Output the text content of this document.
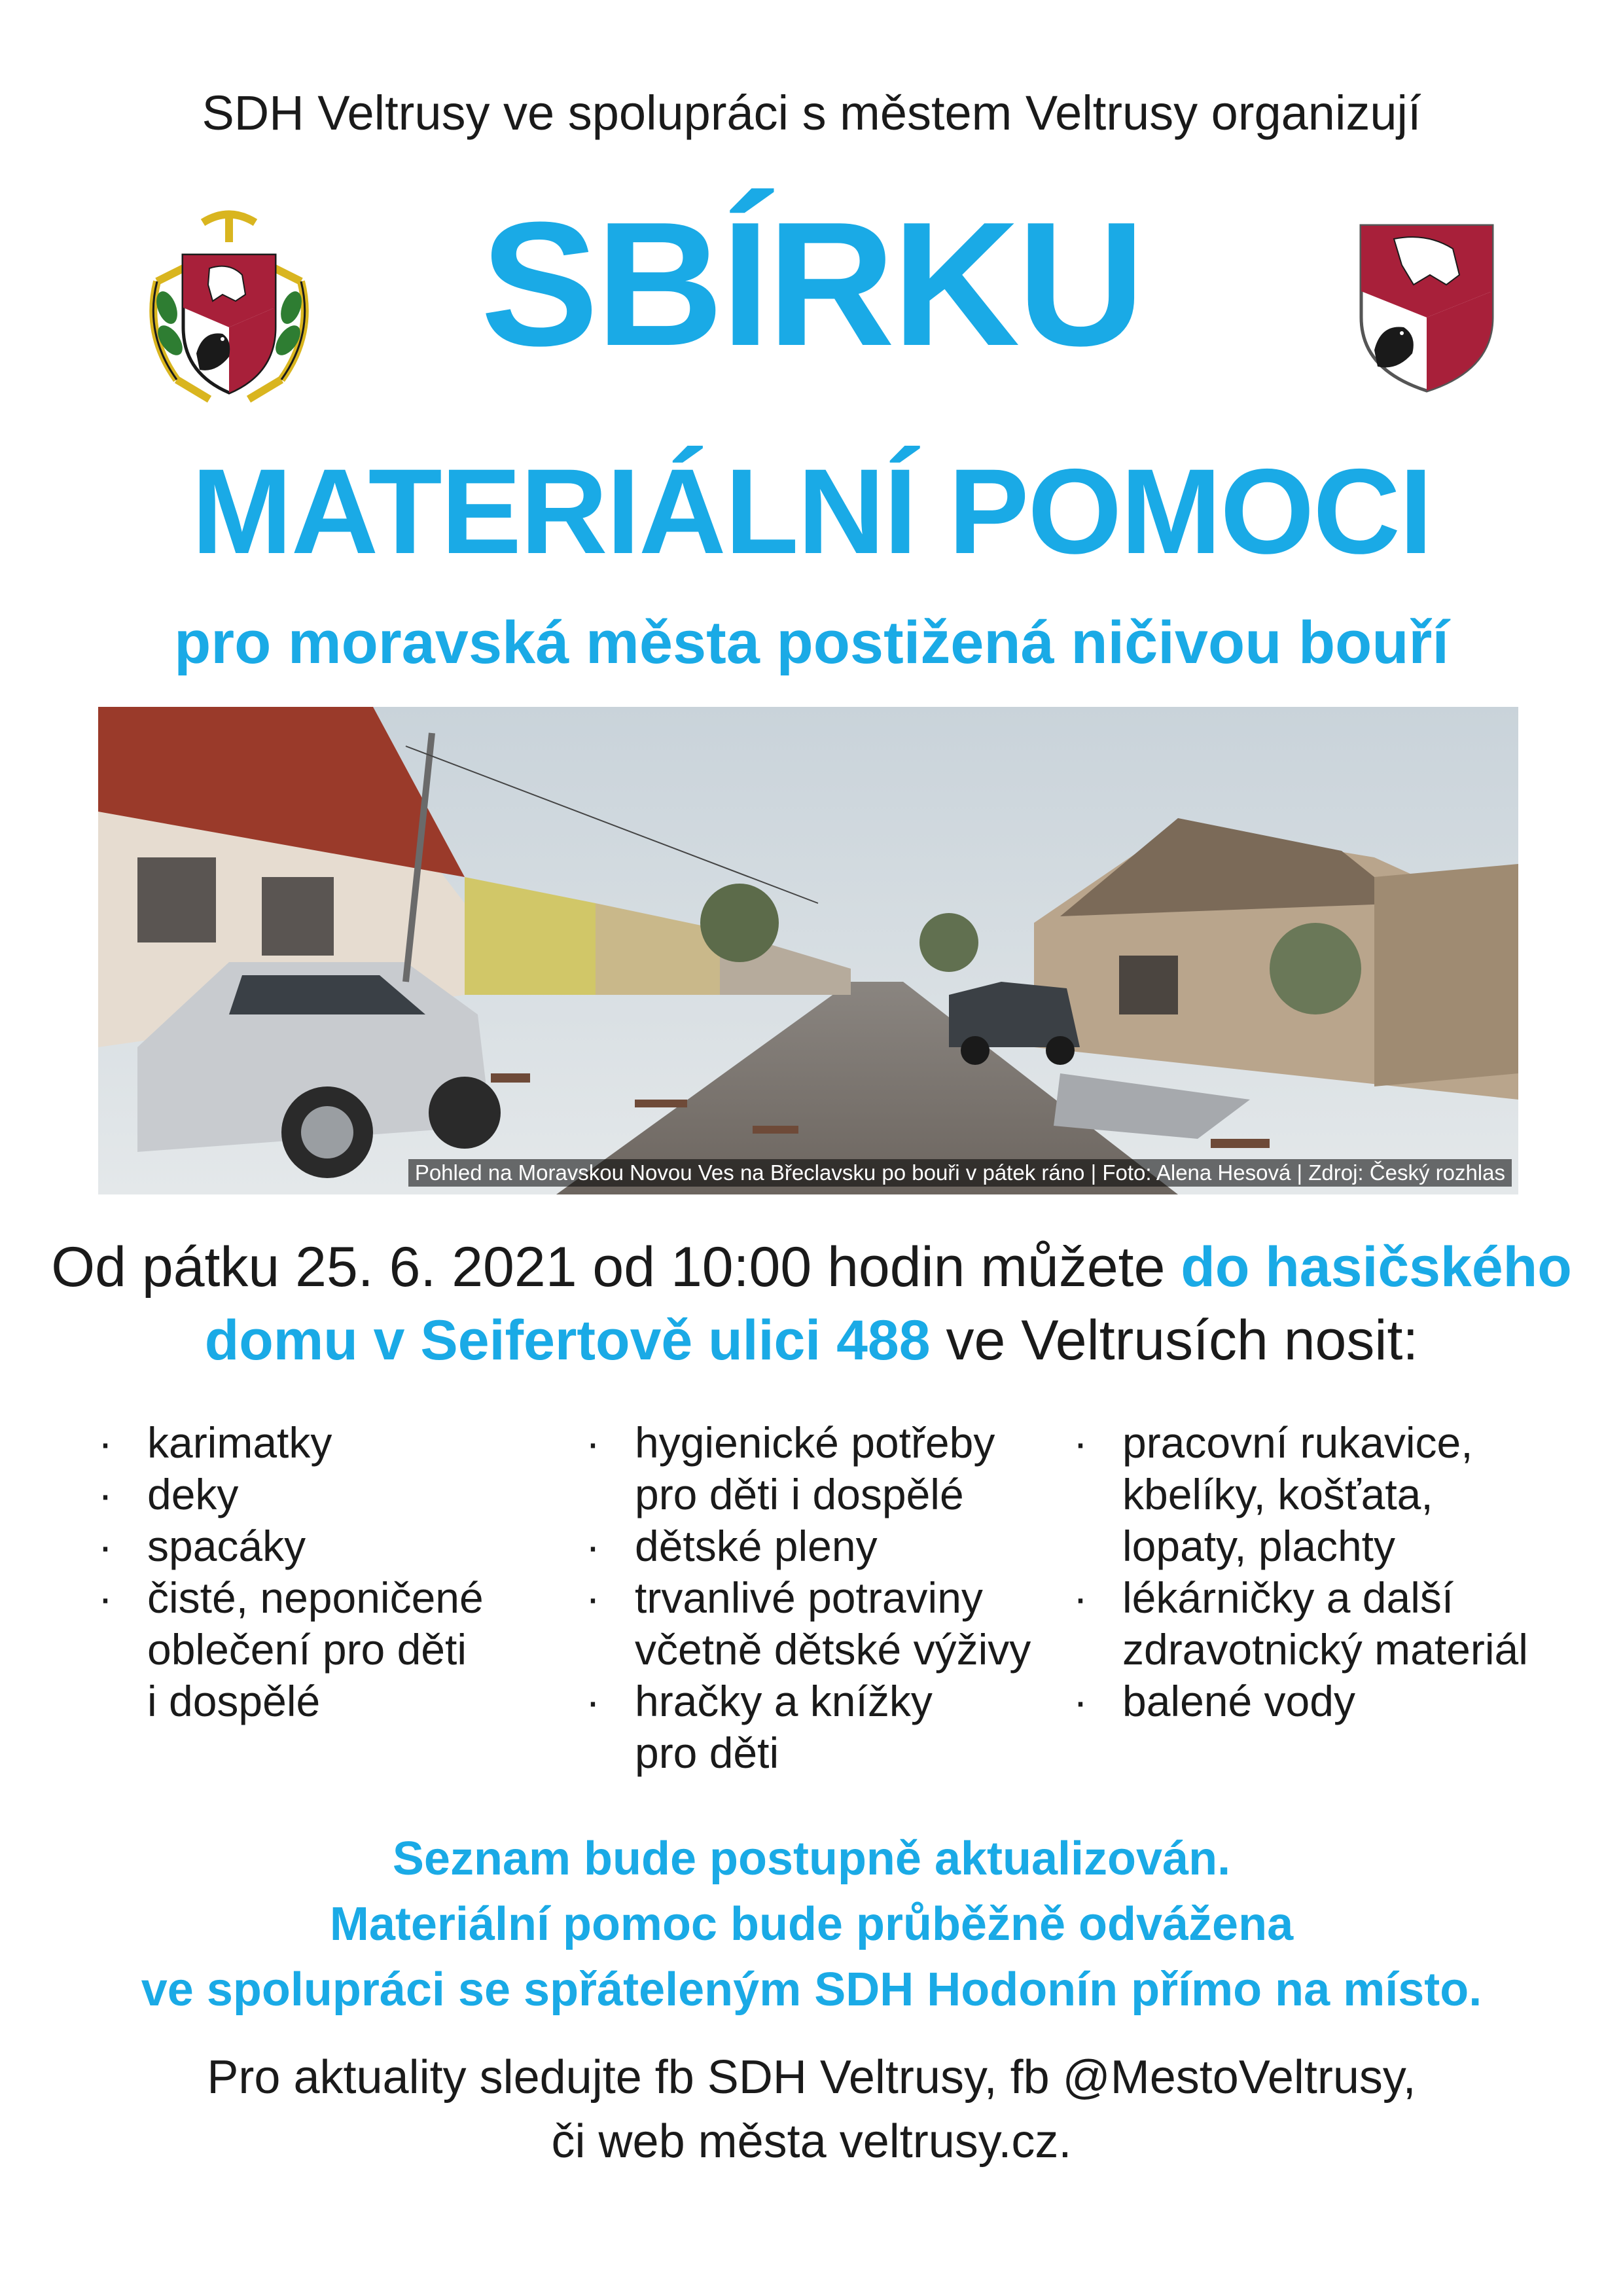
SDH Veltrusy ve spolupráci s městem Veltrusy organizují
SBÍRKU
MATERIÁLNÍ POMOCI
pro moravská města postižená ničivou bouří
Pohled na Moravskou Novou Ves na Břeclavsku po bouři v pátek ráno | Foto: Alena Hesová | Zdroj: Český rozhlas
Od pátku 25. 6. 2021 od 10:00 hodin můžete do hasičského
domu v Seifertově ulici 488 ve Veltrusích nosit:
· karimatky
· deky
· spacáky
· čisté, neponičené
oblečení pro děti
i dospělé
· hygienické potřeby
pro děti i dospělé
· dětské pleny
· trvanlivé potraviny
včetně dětské výživy
· hračky a knížky
pro děti
· pracovní rukavice,
kbelíky, košťata,
lopaty, plachty
· lékárničky a další
zdravotnický materiál
· balené vody
Seznam bude postupně aktualizován.
Materiální pomoc bude průběžně odvážena
ve spolupráci se spřáteleným SDH Hodonín přímo na místo.
Pro aktuality sledujte fb SDH Veltrusy, fb @MestoVeltrusy,
či web města veltrusy.cz.
